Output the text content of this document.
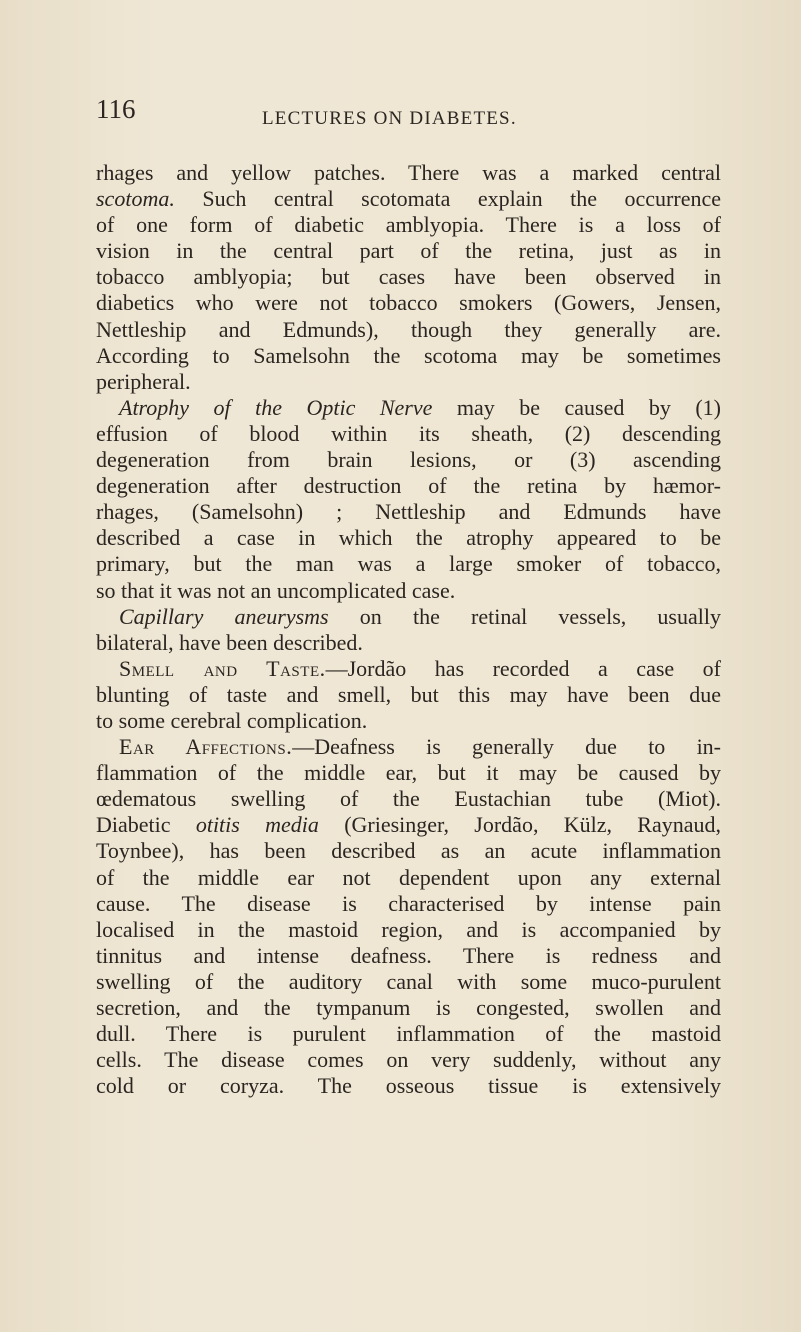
116	LECTURES ON DIABETES.
rhages and yellow patches. There was a marked central
scotoma. Such central scotomata explain the occurrence
of one form of diabetic amblyopia. There is a loss of
vision in the central part of the retina, just as in
tobacco amblyopia; but cases have been observed in
diabetics who were not tobacco smokers (Gowers, Jensen,
Nettleship and Edmunds), though they generally are.
According to Samelsohn the scotoma may be sometimes
peripheral.
Atrophy of the Optic Nerve may be caused by (1)
effusion of blood within its sheath, (2) descending
degeneration from brain lesions, or (3) ascending
degeneration after destruction of the retina by hæmor-
rhages, (Samelsohn) ; Nettleship and Edmunds have
described a case in which the atrophy appeared to be
primary, but the man was a large smoker of tobacco,
so that it was not an uncomplicated case.
Capillary aneurysms on the retinal vessels, usually
bilateral, have been described.
Smell and Taste.—Jordão has recorded a case of
blunting of taste and smell, but this may have been due
to some cerebral complication.
Ear Affections.—Deafness is generally due to in-
flammation of the middle ear, but it may be caused by
œdematous swelling of the Eustachian tube (Miot).
Diabetic otitis media (Griesinger, Jordão, Külz, Raynaud,
Toynbee), has been described as an acute inflammation
of the middle ear not dependent upon any external
cause. The disease is characterised by intense pain
localised in the mastoid region, and is accompanied by
tinnitus and intense deafness. There is redness and
swelling of the auditory canal with some muco-purulent
secretion, and the tympanum is congested, swollen and
dull. There is purulent inflammation of the mastoid
cells. The disease comes on very suddenly, without any
cold or coryza. The osseous tissue is extensively
